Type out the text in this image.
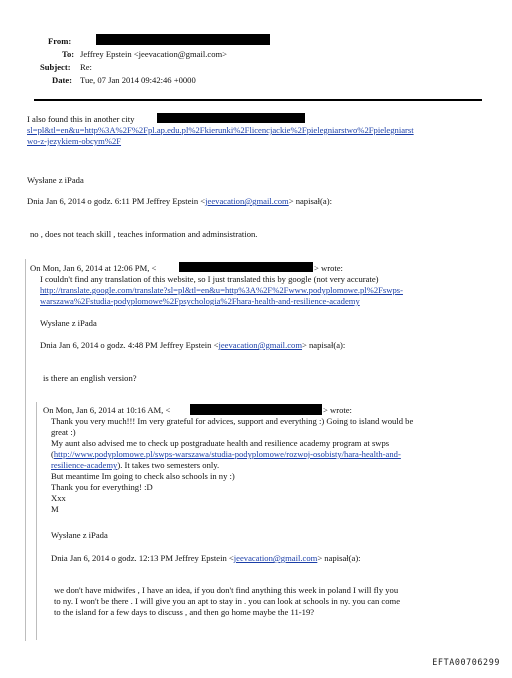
From:
To: Jeffrey Epstein <jeevacation@gmail.com>
Subject: Re:
Date: Tue, 07 Jan 2014 09:42:46 +0000
I also found this in another city
sl=pl&tl=en&u=http%3A%2F%2Fpl.ap.edu.pl%2Fkierunki%2Flicencjackie%2Fpielegniarstwo%2Fpielegniarst
wo-z-jezykiem-obcym%2F
Wysłane z iPada
Dnia Jan 6, 2014 o godz. 6:11 PM Jeffrey Epstein <jeevacation@gmail.com> napisał(a):
no , does not teach skill , teaches information and adminsistration.
On Mon, Jan 6, 2014 at 12:06 PM, <	> wrote:
I couldn't find any translation of this website, so I just translated this by google (not very accurate)
http://translate.google.com/translate?sl=pl&tl=en&u=http%3A%2F%2Fwww.podyplomowe.pl%2Fswps-
warszawa%2Fstudia-podyplomowe%2Fpsychologia%2Fhara-health-and-resilience-academy
Wysłane z iPada
Dnia Jan 6, 2014 o godz. 4:48 PM Jeffrey Epstein <jeevacation@gmail.com> napisał(a):
is there an english version?
On Mon, Jan 6, 2014 at 10:16 AM, <	> wrote:
Thank you very much!!! Im very grateful for advices, support and everything :) Going to island would be
great :)
My aunt also advised me to check up postgraduate health and resilience academy program at swps
(http://www.podyplomowe.pl/swps-warszawa/studia-podyplomowe/rozwoj-osobisty/hara-health-and-
resilience-academy). It takes two semesters only.
But meantime Im going to check also schools in ny :)
Thank you for everything! :D
Xxx
M
Wysłane z iPada
Dnia Jan 6, 2014 o godz. 12:13 PM Jeffrey Epstein <jeevacation@gmail.com> napisał(a):
we don't have midwifes , I have an idea, if you don't find anything this week in poland I will fly you
to ny. I won't be there . I will give you an apt to stay in . you can look at schools in ny. you can come
to the island for a few days to discuss , and then go home maybe the 11-19?
EFTA00706299
